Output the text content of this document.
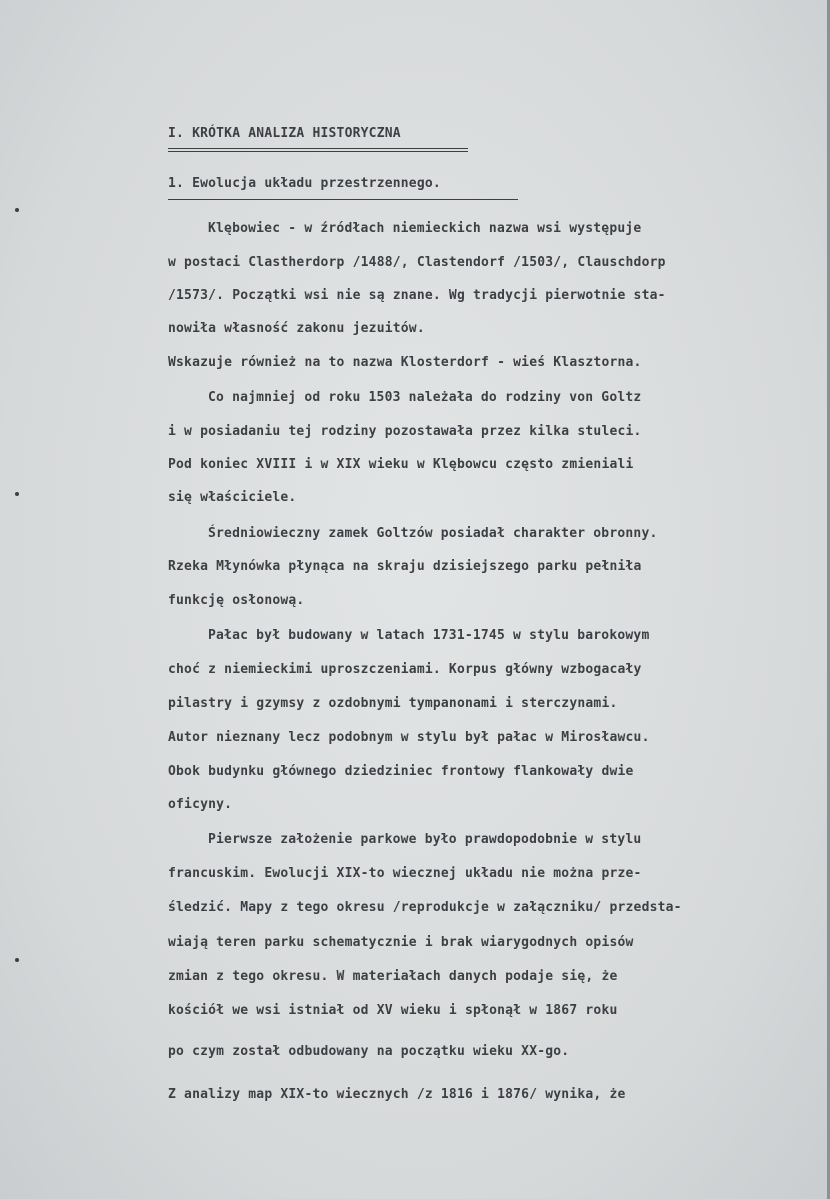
I. KRÓTKA ANALIZA HISTORYCZNA
1. Ewolucja układu przestrzennego.
Klębowiec - w źródłach niemieckich nazwa wsi występuje
w postaci Clastherdorp /1488/, Clastendorf /1503/, Clauschdorp
/1573/. Początki wsi nie są znane. Wg tradycji pierwotnie sta-
nowiła własność zakonu jezuitów.
Wskazuje również na to nazwa Klosterdorf - wieś Klasztorna.
Co najmniej od roku 1503 należała do rodziny von Goltz
i w posiadaniu tej rodziny pozostawała przez kilka stuleci.
Pod koniec XVIII i w XIX wieku w Klębowcu często zmieniali
się właściciele.
Średniowieczny zamek Goltzów posiadał charakter obronny.
Rzeka Młynówka płynąca na skraju dzisiejszego parku pełniła
funkcję osłonową.
Pałac był budowany w latach 1731-1745 w stylu barokowym
choć z niemieckimi uproszczeniami. Korpus główny wzbogacały
pilastry i gzymsy z ozdobnymi tympanonami i sterczynami.
Autor nieznany lecz podobnym w stylu był pałac w Mirosławcu.
Obok budynku głównego dziedziniec frontowy flankowały dwie
oficyny.
Pierwsze założenie parkowe było prawdopodobnie w stylu
francuskim. Ewolucji XIX-to wiecznej układu nie można prze-
śledzić. Mapy z tego okresu /reprodukcje w załączniku/ przedsta-
wiają teren parku schematycznie i brak wiarygodnych opisów
zmian z tego okresu. W materiałach danych podaje się, że
kościół we wsi istniał od XV wieku i spłonął w 1867 roku
po czym został odbudowany na początku wieku XX-go.
Z analizy map XIX-to wiecznych /z 1816 i 1876/ wynika, że
